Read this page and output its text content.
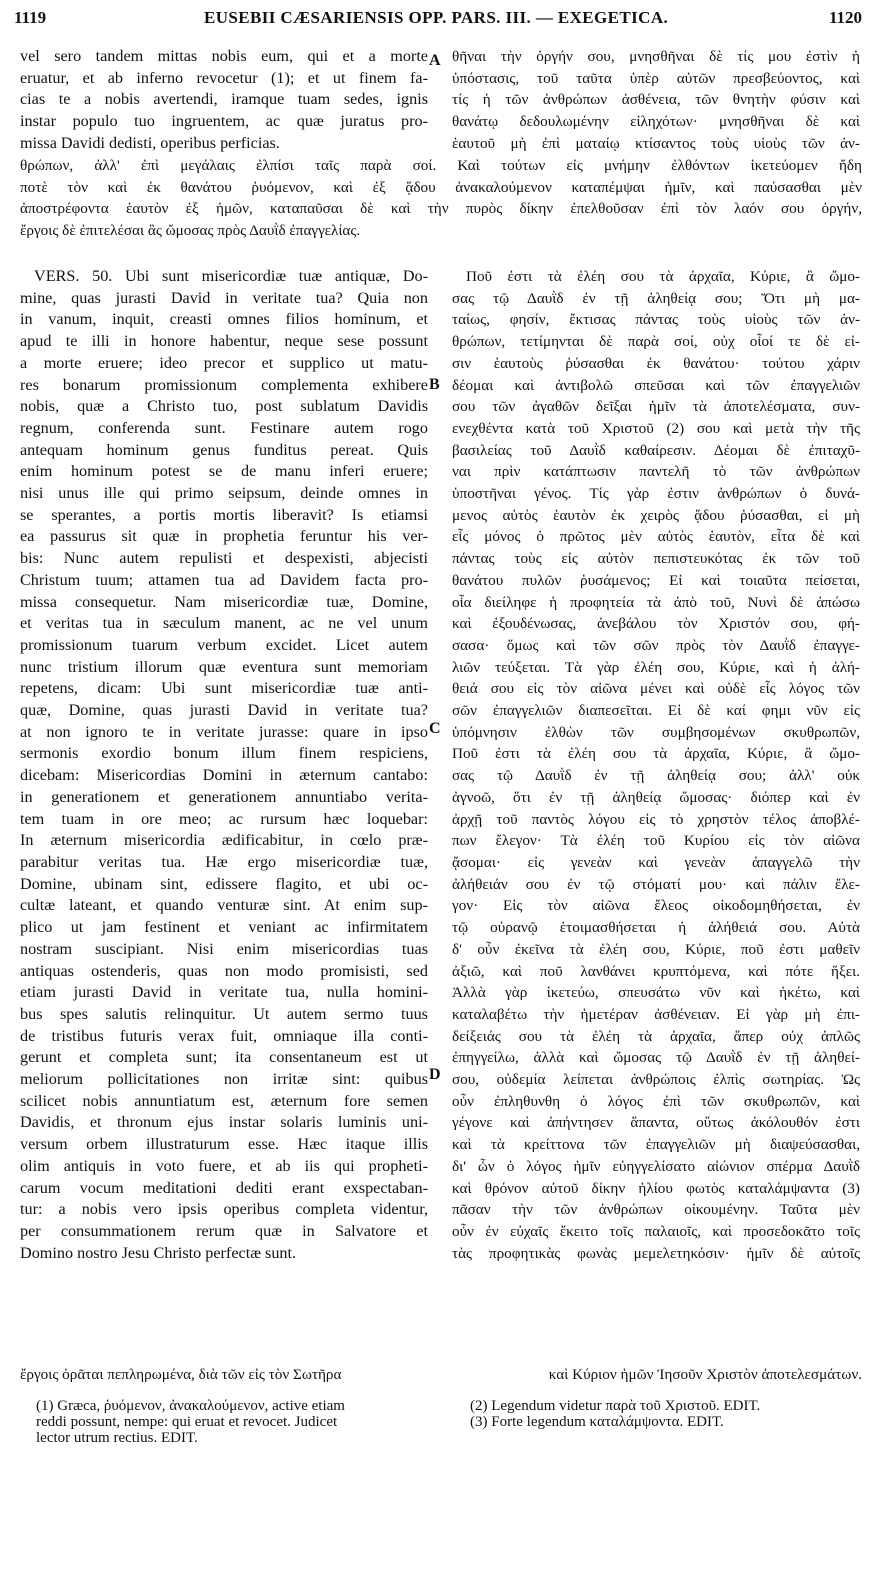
1119	EUSEBII CÆSARIENSIS OPP. PARS. III. — EXEGETICA.	1120
vel sero tandem mittas nobis eum, qui et a morte
eruatur, et ab inferno revocetur (1); et ut finem fa-
cias te a nobis avertendi, iramque tuam sedes, ignis
instar populo tuo ingruentem, ac quæ juratus pro-
missa Davidi dedisti, operibus perficias.
θῆναι τὴν ὀργήν σου, μνησθῆναι δὲ τίς μου ἐστὶν ἡ
ὑπόστασις, τοῦ ταῦτα ὑπὲρ αὐτῶν πρεσβεύοντος, καὶ
τίς ἡ τῶν ἀνθρώπων ἀσθένεια, τῶν θνητὴν φύσιν καὶ
θανάτῳ δεδουλωμένην εἰληχότων· μνησθῆναι δὲ καὶ
ἑαυτοῦ μὴ ἐπὶ ματαίῳ κτίσαντος τοὺς υἱοὺς τῶν ἀν-
θρώπων, ἀλλ' ἐπὶ μεγάλαις ἐλπίσι ταῖς παρὰ σοί. Καὶ τούτων εἰς μνήμην ἐλθόντων ἱκετεύομεν ἤδη
ποτὲ τὸν καὶ ἐκ θανάτου ῥυόμενον, καὶ ἐξ ᾅδου ἀνακαλούμενον καταπέμψαι ἡμῖν, καὶ παύσασθαι μὲν
ἀποστρέφοντα ἑαυτὸν ἐξ ἡμῶν, καταπαῦσαι δὲ καὶ τὴν πυρὸς δίκην ἐπελθοῦσαν ἐπὶ τὸν λαόν σου ὀργήν,
ἔργοις δὲ ἐπιτελέσαι ἃς ὤμοσας πρὸς Δαυῒδ ἐπαγγελίας.
VERS. 50. Ubi sunt misericordiæ tuæ antiquæ, Do-
mine, quas jurasti David in veritate tua? Quia non
in vanum, inquit, creasti omnes filios hominum, et
apud te illi in honore habentur, neque sese possunt
a morte eruere; ideo precor et supplico ut matu-
res bonarum promissionum complementa exhibere
nobis, quæ a Christo tuo, post sublatum Davidis
regnum, conferenda sunt. Festinare autem rogo
antequam hominum genus funditus pereat. Quis
enim hominum potest se de manu inferi eruere;
nisi unus ille qui primo seipsum, deinde omnes in
se sperantes, a portis mortis liberavit? Is etiamsi
ea passurus sit quæ in prophetia feruntur his ver-
bis: Nunc autem repulisti et despexisti, abjecisti
Christum tuum; attamen tua ad Davidem facta pro-
missa consequetur. Nam misericordiæ tuæ, Domine,
et veritas tua in sæculum manent, ac ne vel unum
promissionum tuarum verbum excidet. Licet autem
nunc tristium illorum quæ eventura sunt memoriam
repetens, dicam: Ubi sunt misericordiæ tuæ anti-
quæ, Domine, quas jurasti David in veritate tua?
at non ignoro te in veritate jurasse: quare in ipso
sermonis exordio bonum illum finem respiciens,
dicebam: Misericordias Domini in æternum cantabo:
in generationem et generationem annuntiabo verita-
tem tuam in ore meo; ac rursum hæc loquebar:
In æternum misericordia ædificabitur, in cœlo præ-
parabitur veritas tua. Hæ ergo misericordiæ tuæ,
Domine, ubinam sint, edissere flagito, et ubi oc-
cultæ lateant, et quando venturæ sint. At enim sup-
plico ut jam festinent et veniant ac infirmitatem
nostram suscipiant. Nisi enim misericordias tuas
antiquas ostenderis, quas non modo promisisti, sed
etiam jurasti David in veritate tua, nulla homini-
bus spes salutis relinquitur. Ut autem sermo tuus
de tristibus futuris verax fuit, omniaque illa conti-
gerunt et completa sunt; ita consentaneum est ut
meliorum pollicitationes non irritæ sint: quibus
scilicet nobis annuntiatum est, æternum fore semen
Davidis, et thronum ejus instar solaris luminis uni-
versum orbem illustraturum esse. Hæc itaque illis
olim antiquis in voto fuere, et ab iis qui propheti-
carum vocum meditationi dediti erant exspectaban-
tur: a nobis vero ipsis operibus completa videntur,
per consummationem rerum quæ in Salvatore et
Domino nostro Jesu Christo perfectæ sunt.
Ποῦ ἐστι τὰ ἐλέη σου τὰ ἀρχαῖα, Κύριε, ἃ ὤμο-
σας τῷ Δαυῒδ ἐν τῇ ἀληθείᾳ σου; Ὅτι μὴ μα-
ταίως, φησίν, ἔκτισας πάντας τοὺς υἱοὺς τῶν ἀν-
θρώπων, τετίμηνται δὲ παρὰ σοί, οὐχ οἷοί τε δὲ εἰ-
σιν ἑαυτοὺς ῥύσασθαι ἐκ θανάτου· τούτου χάριν
δέομαι καὶ ἀντιβολῶ σπεῦσαι καὶ τῶν ἐπαγγελιῶν
σου τῶν ἀγαθῶν δεῖξαι ἡμῖν τὰ ἀποτελέσματα, συν-
ενεχθέντα κατὰ τοῦ Χριστοῦ (2) σου καὶ μετὰ τὴν τῆς
βασιλείας τοῦ Δαυῒδ καθαίρεσιν. Δέομαι δὲ ἐπιταχῦ-
ναι πρὶν κατάπτωσιν παντελῆ τὸ τῶν ἀνθρώπων
ὑποστῆναι γένος. Τίς γὰρ ἐστιν ἀνθρώπων ὁ δυνά-
μενος αὐτὸς ἑαυτὸν ἐκ χειρὸς ᾅδου ῥύσασθαι, εἰ μὴ
εἷς μόνος ὁ πρῶτος μὲν αὐτὸς ἑαυτὸν, εἶτα δὲ καὶ
πάντας τοὺς εἰς αὐτὸν πεπιστευκότας ἐκ τῶν τοῦ
θανάτου πυλῶν ῥυσάμενος; Εἰ καὶ τοιαῦτα πείσεται,
οἷα διείληφε ἡ προφητεία τὰ ἀπὸ τοῦ, Νυνὶ δὲ ἀπώσω
καὶ ἐξουδένωσας, ἀνεβάλου τὸν Χριστόν σου, φή-
σασα· ὅμως καὶ τῶν σῶν πρὸς τὸν Δαυῒδ ἐπαγγε-
λιῶν τεύξεται. Τὰ γὰρ ἐλέη σου, Κύριε, καὶ ἡ ἀλή-
θειά σου εἰς τὸν αἰῶνα μένει καὶ οὐδὲ εἷς λόγος τῶν
σῶν ἐπαγγελιῶν διαπεσεῖται. Εἰ δὲ καί φημι νῦν εἰς
ὑπόμνησιν ἐλθὼν τῶν συμβησομένων σκυθρωπῶν,
Ποῦ ἐστι τὰ ἐλέη σου τὰ ἀρχαῖα, Κύριε, ἃ ὤμο-
σας τῷ Δαυῒδ ἐν τῇ ἀληθείᾳ σου; ἀλλ' οὐκ
ἀγνοῶ, ὅτι ἐν τῇ ἀληθείᾳ ὤμοσας· διόπερ καὶ ἐν
ἀρχῇ τοῦ παντὸς λόγου εἰς τὸ χρηστὸν τέλος ἀποβλέ-
πων ἔλεγον· Τὰ ἐλέη τοῦ Κυρίου εἰς τὸν αἰῶνα
ᾄσομαι· εἰς γενεὰν καὶ γενεὰν ἀπαγγελῶ τὴν
ἀλήθειάν σου ἐν τῷ στόματί μου· καὶ πάλιν ἔλε-
γον· Εἰς τὸν αἰῶνα ἔλεος οἰκοδομηθήσεται, ἐν
τῷ οὐρανῷ ἑτοιμασθήσεται ἡ ἀλήθειά σου. Αὐτὰ
δ' οὖν ἐκεῖνα τὰ ἐλέη σου, Κύριε, ποῦ ἐστι μαθεῖν
ἀξιῶ, καὶ ποῦ λανθάνει κρυπτόμενα, καὶ πότε ἥξει.
Ἀλλὰ γὰρ ἱκετεύω, σπευσάτω νῦν καὶ ἡκέτω, καὶ
καταλαβέτω τὴν ἡμετέραν ἀσθένειαν. Εἰ γὰρ μὴ ἐπι-
δείξειάς σου τὰ ἐλέη τὰ ἀρχαῖα, ἅπερ οὐχ ἁπλῶς
ἐπηγγείλω, ἀλλὰ καὶ ὤμοσας τῷ Δαυῒδ ἐν τῇ ἀληθεί-
σου, οὐδεμία λείπεται ἀνθρώποις ἐλπὶς σωτηρίας. Ὡς
οὖν ἐπληθυνθη ὁ λόγος ἐπὶ τῶν σκυθρωπῶν, καὶ
γέγονε καὶ ἀπήντησεν ἅπαντα, οὕτως ἀκόλουθόν ἐστι
καὶ τὰ κρείττονα τῶν ἐπαγγελιῶν μὴ διαψεύσασθαι,
δι' ὧν ὁ λόγος ἡμῖν εὐηγγελίσατο αἰώνιον σπέρμα Δαυῒδ
καὶ θρόνον αὐτοῦ δίκην ἡλίου φωτὸς καταλάμψαντα (3)
πᾶσαν τὴν τῶν ἀνθρώπων οἰκουμένην. Ταῦτα μὲν
οὖν ἐν εὐχαῖς ἔκειτο τοῖς παλαιοῖς, καὶ προσεδοκᾶτο τοῖς
τὰς προφητικὰς φωνὰς μεμελετηκόσιν· ἡμῖν δὲ αὐτοῖς
ἔργοις ὁρᾶται πεπληρωμένα, διὰ τῶν εἰς τὸν Σωτῆρα	καὶ Κύριον ἡμῶν Ἰησοῦν Χριστὸν ἀποτελεσμάτων.
A
B
C
D
(1) Græca, ῥυόμενον, ἀνακαλούμενον, active etiam
reddi possunt, nempe: qui eruat et revocet. Judicet
lector utrum rectius. EDIT.
(2) Legendum videtur παρὰ τοῦ Χριστοῦ. EDIT.
(3) Forte legendum καταλάμψοντα. EDIT.
